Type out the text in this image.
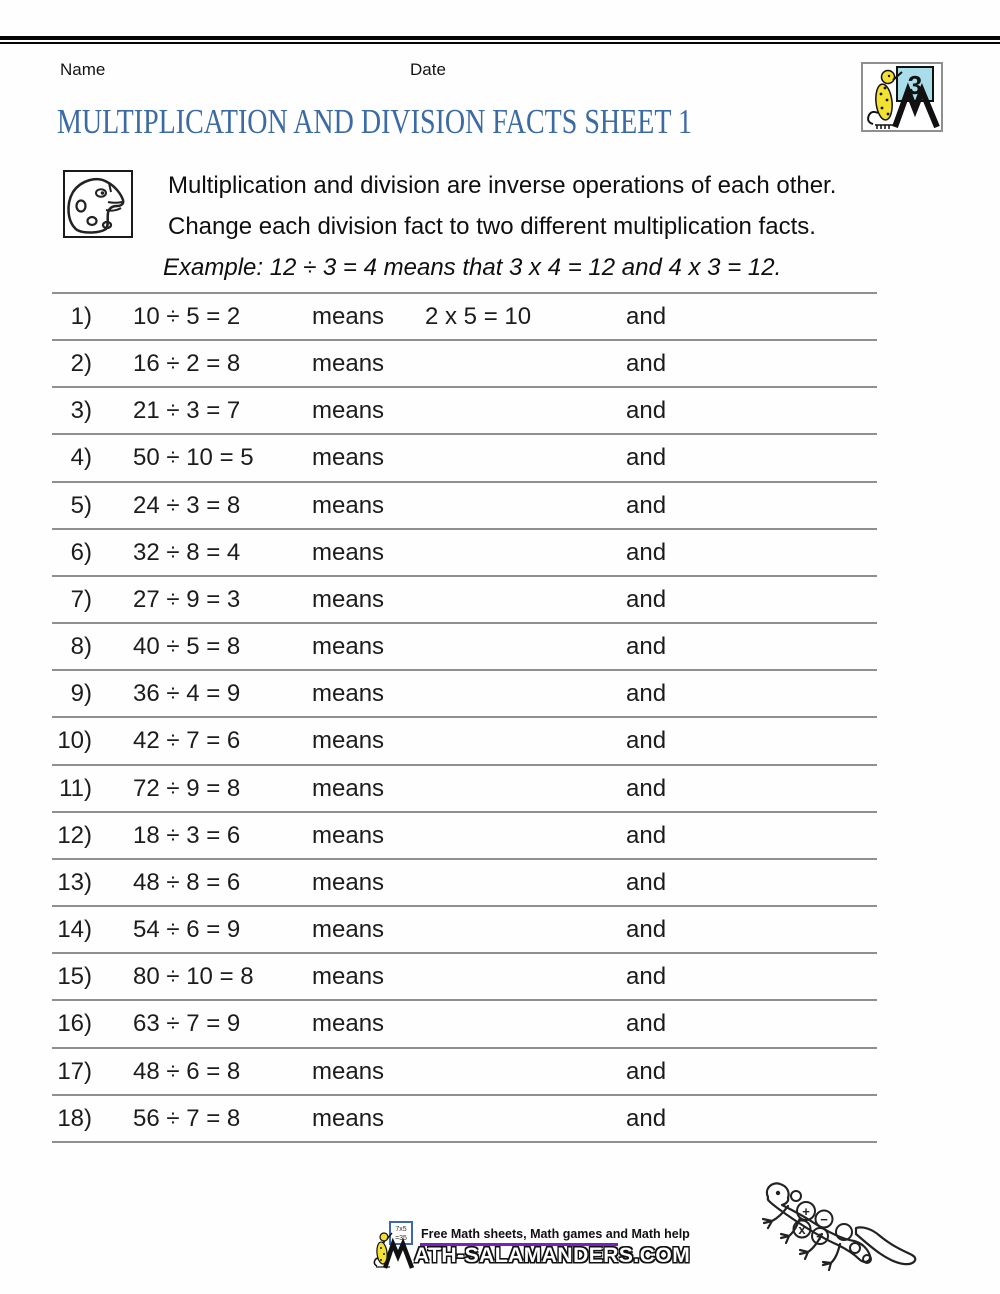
Name	Date
3
MULTIPLICATION AND DIVISION FACTS SHEET 1
Multiplication and division are inverse operations of each other.
Change each division fact to two different multiplication facts.
Example: 12 ÷ 3 = 4 means that 3 x 4 = 12 and 4 x 3 = 12.
1) 10 ÷ 5 = 2	means 2 x 5 = 10	and
2) 16 ÷ 2 = 8	means	and
3) 21 ÷ 3 = 7	means	and
4) 50 ÷ 10 = 5 means	and
5) 24 ÷ 3 = 8	means	and
6) 32 ÷ 8 = 4	means	and
7) 27 ÷ 9 = 3	means	and
8) 40 ÷ 5 = 8	means	and
9) 36 ÷ 4 = 9	means	and
10) 42 ÷ 7 = 6	means	and
11) 72 ÷ 9 = 8	means	and
12) 18 ÷ 3 = 6	means	and
13) 48 ÷ 8 = 6	means	and
14) 54 ÷ 6 = 9	means	and
15) 80 ÷ 10 = 8 means	and
16) 63 ÷ 7 = 9	means	and
17) 48 ÷ 6 = 8	means	and
18) 56 ÷ 7 = 8	means	and
7x5
=35 Free Math sheets, Math games and Math help
ATH-SALAMANDERS.COM
+
x
−
÷
